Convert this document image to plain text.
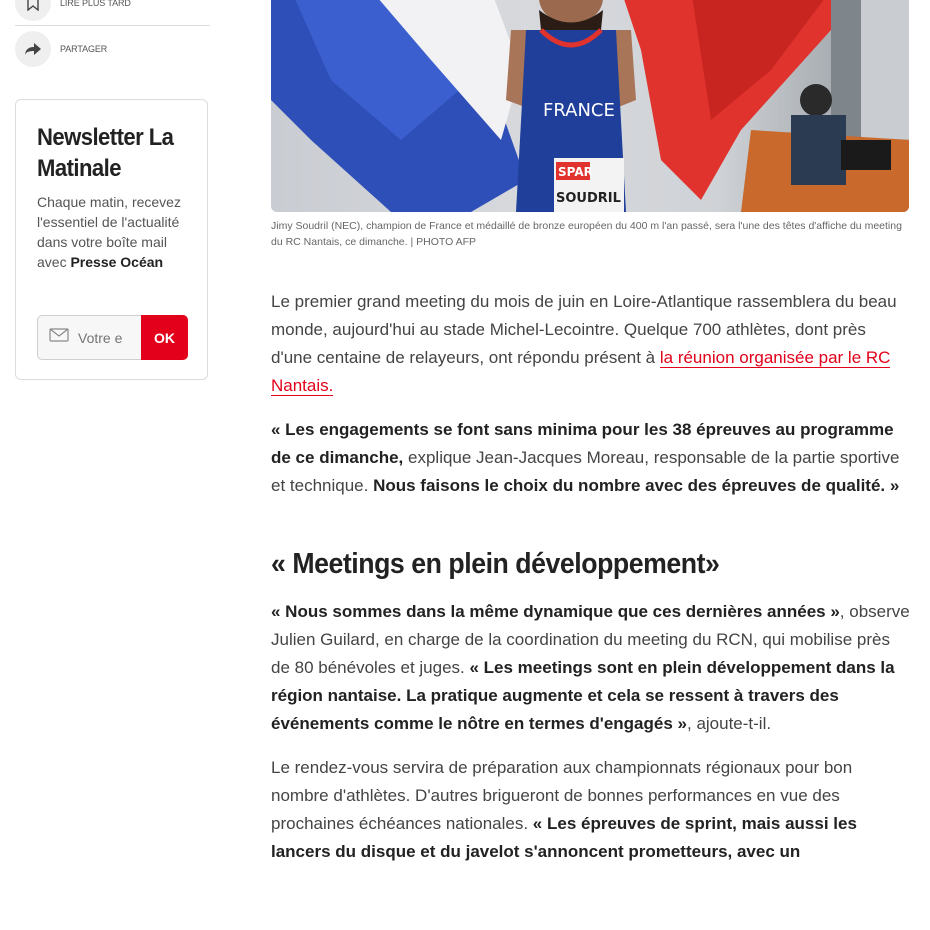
LIRE PLUS TARD
PARTAGER
Newsletter La Matinale
Chaque matin, recevez l'essentiel de l'actualité dans votre boîte mail avec Presse Océan
Votre e
OK
SPAR
SOUDRIL
FRANCE
Jimy Soudril (NEC), champion de France et médaillé de bronze européen du 400 m l'an passé, sera l'une des têtes d'affiche du meeting du RC Nantais, ce dimanche. | PHOTO AFP

Le premier grand meeting du mois de juin en Loire-Atlantique rassemblera du beau monde, aujourd'hui au stade Michel-Lecointre. Quelque 700 athlètes, dont près d'une centaine de relayeurs, ont répondu présent à la réunion organisée par le RC Nantais.

« Les engagements se font sans minima pour les 38 épreuves au programme de ce dimanche, explique Jean-Jacques Moreau, responsable de la partie sportive et technique. Nous faisons le choix du nombre avec des épreuves de qualité. »

« Meetings en plein développement»

« Nous sommes dans la même dynamique que ces dernières années », observe Julien Guilard, en charge de la coordination du meeting du RCN, qui mobilise près de 80 bénévoles et juges. « Les meetings sont en plein développement dans la région nantaise. La pratique augmente et cela se ressent à travers des événements comme le nôtre en termes d'engagés », ajoute-t-il.

Le rendez-vous servira de préparation aux championnats régionaux pour bon nombre d'athlètes. D'autres brigueront de bonnes performances en vue des prochaines échéances nationales. « Les épreuves de sprint, mais aussi les lancers du disque et du javelot s'annoncent prometteurs, avec un
